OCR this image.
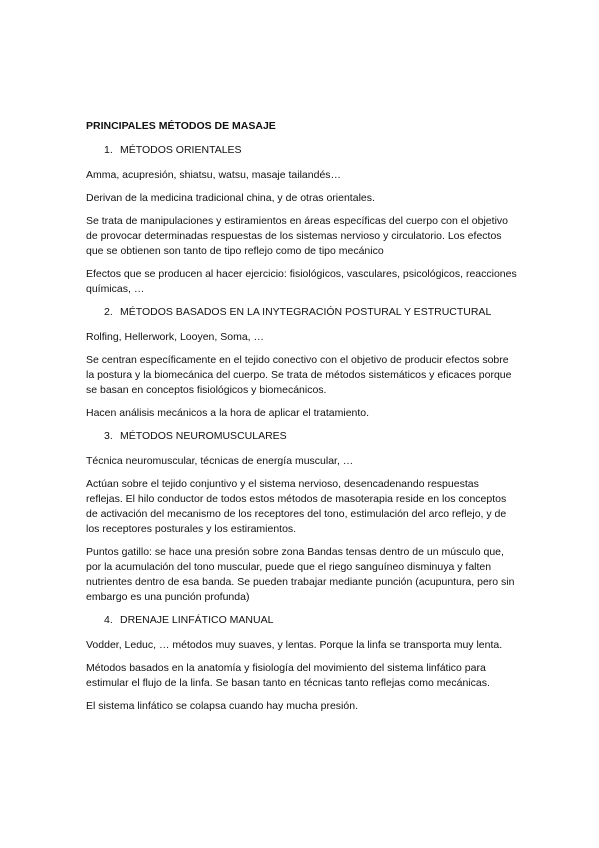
PRINCIPALES MÉTODOS DE MASAJE
1. MÉTODOS ORIENTALES
Amma, acupresión, shiatsu, watsu, masaje tailandés…
Derivan de la medicina tradicional china, y de otras orientales.
Se trata de manipulaciones y estiramientos en áreas específicas del cuerpo con el objetivo de provocar determinadas respuestas de los sistemas nervioso y circulatorio. Los efectos que se obtienen son tanto de tipo reflejo como de tipo mecánico
Efectos que se producen al hacer ejercicio: fisiológicos, vasculares, psicológicos, reacciones químicas, …
2. MÉTODOS BASADOS EN LA INYTEGRACIÓN POSTURAL Y ESTRUCTURAL
Rolfing, Hellerwork, Looyen, Soma, …
Se centran específicamente en el tejido conectivo con el objetivo de producir efectos sobre la postura y la biomecánica del cuerpo. Se trata de métodos sistemáticos y eficaces porque se basan en conceptos fisiológicos y biomecánicos.
Hacen análisis mecánicos a la hora de aplicar el tratamiento.
3. MÉTODOS NEUROMUSCULARES
Técnica neuromuscular, técnicas de energía muscular, …
Actúan sobre el tejido conjuntivo y el sistema nervioso, desencadenando respuestas reflejas. El hilo conductor de todos estos métodos de masoterapia reside en los conceptos de activación del mecanismo de los receptores del tono, estimulación del arco reflejo, y de los receptores posturales y los estiramientos.
Puntos gatillo: se hace una presión sobre zona Bandas tensas dentro de un músculo que, por la acumulación del tono muscular, puede que el riego sanguíneo disminuya y falten nutrientes dentro de esa banda. Se pueden trabajar mediante punción (acupuntura, pero sin embargo es una punción profunda)
4. DRENAJE LINFÁTICO MANUAL
Vodder, Leduc, … métodos muy suaves, y lentas. Porque la linfa se transporta muy lenta.
Métodos basados en la anatomía y fisiología del movimiento del sistema linfático para estimular el flujo de la linfa. Se basan tanto en técnicas tanto reflejas como mecánicas.
El sistema linfático se colapsa cuando hay mucha presión.
